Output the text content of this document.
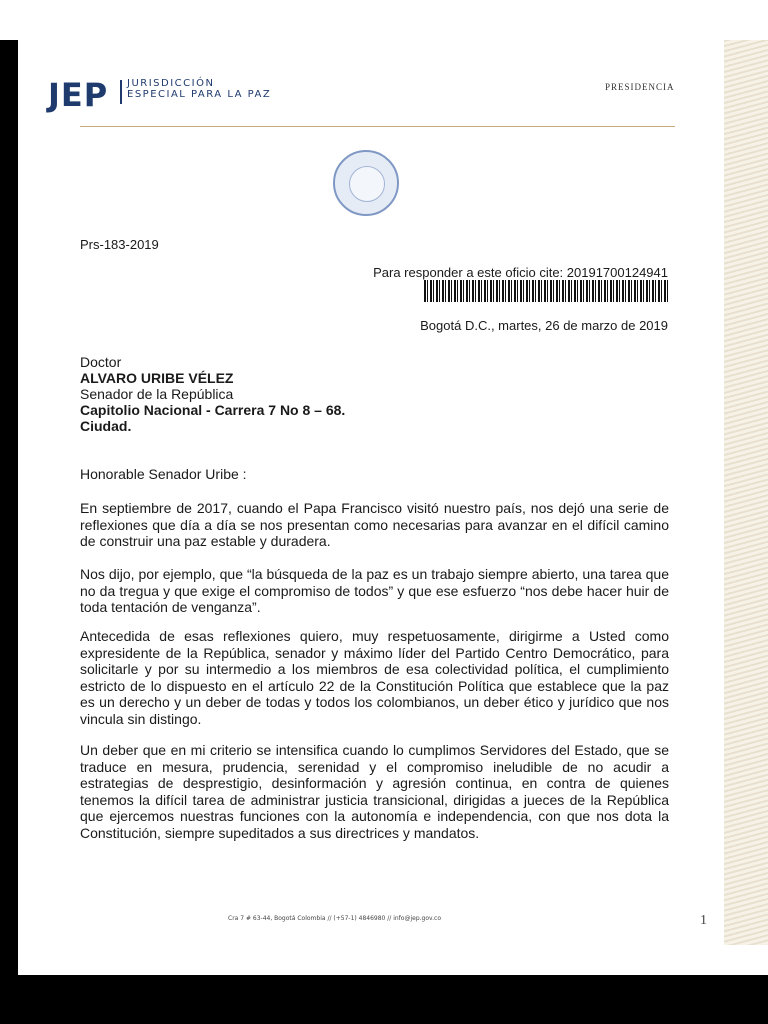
JEP JURISDICCIÓN
ESPECIAL PARA LA PAZ
PRESIDENCIA
Prs-183-2019
Para responder a este oficio cite: 20191700124941
Bogotá D.C., martes, 26 de marzo de 2019
Doctor
ALVARO URIBE VÉLEZ
Senador de la República
Capitolio Nacional - Carrera 7 No 8 – 68.
Ciudad.
Honorable Senador Uribe :
En septiembre de 2017, cuando el Papa Francisco visitó nuestro país, nos dejó una serie de reflexiones que día a día se nos presentan como necesarias para avanzar en el difícil camino de construir una paz estable y duradera.
Nos dijo, por ejemplo, que “la búsqueda de la paz es un trabajo siempre abierto, una tarea que no da tregua y que exige el compromiso de todos” y que ese esfuerzo “nos debe hacer huir de toda tentación de venganza”.
Antecedida de esas reflexiones quiero, muy respetuosamente, dirigirme a Usted como expresidente de la República, senador y máximo líder del Partido Centro Democrático, para solicitarle y por su intermedio a los miembros de esa colectividad política, el cumplimiento estricto de lo dispuesto en el artículo 22 de la Constitución Política que establece que la paz es un derecho y un deber de todas y todos los colombianos, un deber ético y jurídico que nos vincula sin distingo.
Un deber que en mi criterio se intensifica cuando lo cumplimos Servidores del Estado, que se traduce en mesura, prudencia, serenidad y el compromiso ineludible de no acudir a estrategias de desprestigio, desinformación y agresión continua, en contra de quienes tenemos la difícil tarea de administrar justicia transicional, dirigidas a jueces de la República que ejercemos nuestras funciones con la autonomía e independencia, con que nos dota la Constitución, siempre supeditados a sus directrices y mandatos.
Cra 7 # 63-44, Bogotá Colombia // (+57-1) 4846980 // info@jep.gov.co	1
